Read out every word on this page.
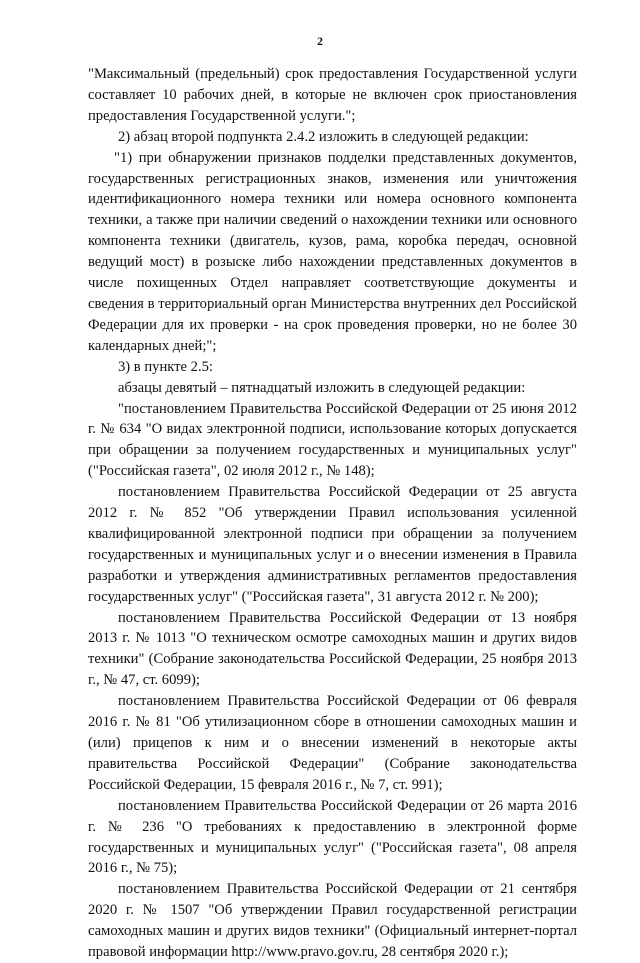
2

"Максимальный (предельный) срок предоставления Государственной услуги составляет 10 рабочих дней, в которые не включен срок приостановления предоставления Государственной услуги.";

2) абзац второй подпункта 2.4.2 изложить в следующей редакции:

"1) при обнаружении признаков подделки представленных документов, государственных регистрационных знаков, изменения или уничтожения идентификационного номера техники или номера основного компонента техники, а также при наличии сведений о нахождении техники или основного компонента техники (двигатель, кузов, рама, коробка передач, основной ведущий мост) в розыске либо нахождении представленных документов в числе похищенных Отдел направляет соответствующие документы и сведения в территориальный орган Министерства внутренних дел Российской Федерации для их проверки - на срок проведения проверки, но не более 30 календарных дней;";

3) в пункте 2.5:

абзацы девятый – пятнадцатый изложить в следующей редакции:

"постановлением Правительства Российской Федерации от 25 июня 2012 г. № 634 "О видах электронной подписи, использование которых допускается при обращении за получением государственных и муниципальных услуг" ("Российская газета", 02 июля 2012 г., № 148);

постановлением Правительства Российской Федерации от 25 августа 2012 г. № 852 "Об утверждении Правил использования усиленной квалифицированной электронной подписи при обращении за получением государственных и муниципальных услуг и о внесении изменения в Правила разработки и утверждения административных регламентов предоставления государственных услуг" ("Российская газета", 31 августа 2012 г. № 200);

постановлением Правительства Российской Федерации от 13 ноября 2013 г. № 1013 "О техническом осмотре самоходных машин и других видов техники" (Собрание законодательства Российской Федерации, 25 ноября 2013 г., № 47, ст. 6099);

постановлением Правительства Российской Федерации от 06 февраля 2016 г. № 81 "Об утилизационном сборе в отношении самоходных машин и (или) прицепов к ним и о внесении изменений в некоторые акты правительства Российской Федерации" (Собрание законодательства Российской Федерации, 15 февраля 2016 г., № 7, ст. 991);

постановлением Правительства Российской Федерации от 26 марта 2016 г. № 236 "О требованиях к предоставлению в электронной форме государственных и муниципальных услуг" ("Российская газета", 08 апреля 2016 г., № 75);

постановлением Правительства Российской Федерации от 21 сентября 2020 г. № 1507 "Об утверждении Правил государственной регистрации самоходных машин и других видов техники" (Официальный интернет-портал правовой информации http://www.pravo.gov.ru, 28 сентября 2020 г.);
